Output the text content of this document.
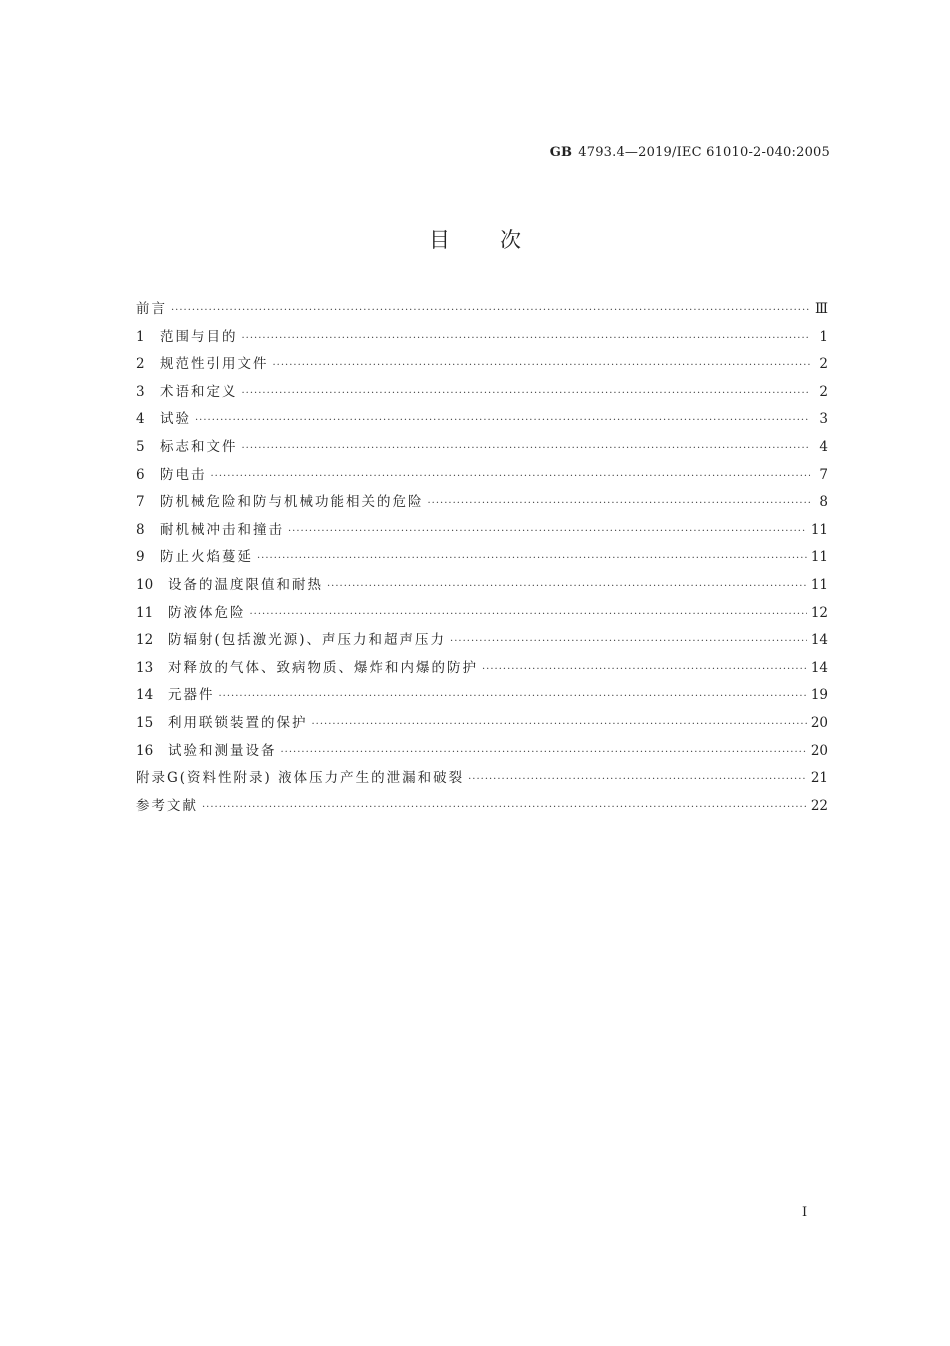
GB 4793.4—2019/IEC 61010-2-040:2005
目次
前言 ·····	Ⅲ
1	范围与目的 ·····	1
2	规范性引用文件 ·····	2
3	术语和定义 ·····	2
4	试验 ·····	3
5	标志和文件 ·····	4
6	防电击 ·····	7
7	防机械危险和防与机械功能相关的危险 ·····	8
8	耐机械冲击和撞击 ·····	11
9	防止火焰蔓延 ·····	11
10	设备的温度限值和耐热 ·····	11
11	防液体危险 ·····	12
12	防辐射(包括激光源)、声压力和超声压力 ·····	14
13	对释放的气体、致病物质、爆炸和内爆的防护 ·····	14
14	元器件 ·····	19
15	利用联锁装置的保护 ·····	20
16	试验和测量设备 ·····	20
附录G(资料性附录) 液体压力产生的泄漏和破裂 ·····	21
参考文献 ·····	22
I
